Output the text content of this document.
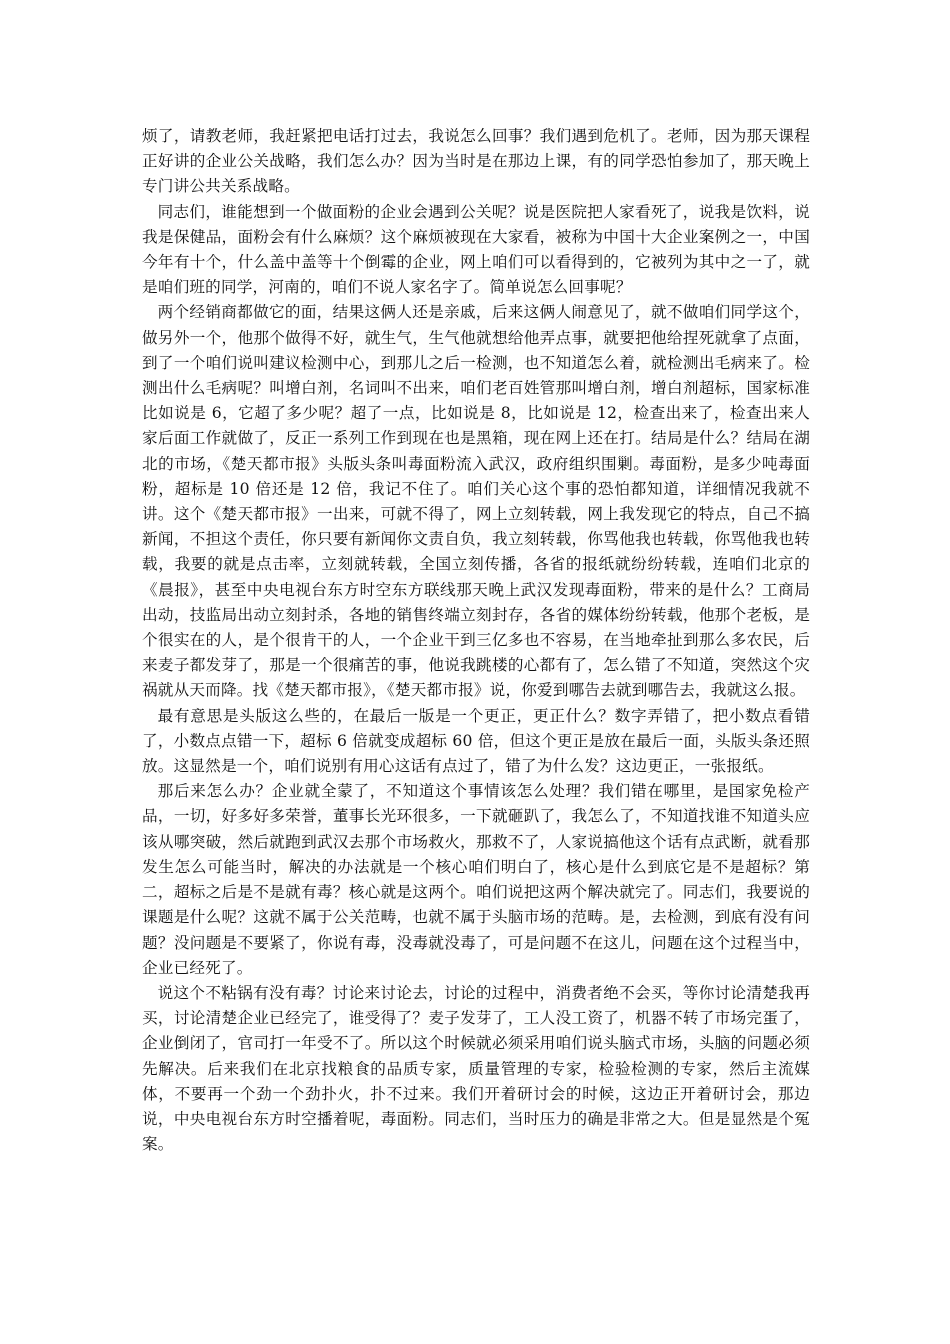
烦了，请教老师，我赶紧把电话打过去，我说怎么回事？我们遇到危机了。老师，因为那天课程正好讲的企业公关战略，我们怎么办？因为当时是在那边上课，有的同学恐怕参加了，那天晚上专门讲公共关系战略。

同志们，谁能想到一个做面粉的企业会遇到公关呢？说是医院把人家看死了，说我是饮料，说我是保健品，面粉会有什么麻烦？这个麻烦被现在大家看，被称为中国十大企业案例之一，中国今年有十个，什么盖中盖等十个倒霉的企业，网上咱们可以看得到的，它被列为其中之一了，就是咱们班的同学，河南的，咱们不说人家名字了。简单说怎么回事呢？

两个经销商都做它的面，结果这俩人还是亲戚，后来这俩人闹意见了，就不做咱们同学这个，做另外一个，他那个做得不好，就生气，生气他就想给他弄点事，就要把他给捏死就拿了点面，到了一个咱们说叫建议检测中心，到那儿之后一检测，也不知道怎么着，就检测出毛病来了。检测出什么毛病呢？叫增白剂，名词叫不出来，咱们老百姓管那叫增白剂，增白剂超标，国家标准比如说是 6，它超了多少呢？超了一点，比如说是 8，比如说是 12，检查出来了，检查出来人家后面工作就做了，反正一系列工作到现在也是黑箱，现在网上还在打。结局是什么？结局在湖北的市场，《楚天都市报》头版头条叫毒面粉流入武汉，政府组织围剿。毒面粉，是多少吨毒面粉，超标是 10 倍还是 12 倍，我记不住了。咱们关心这个事的恐怕都知道，详细情况我就不讲。这个《楚天都市报》一出来，可就不得了，网上立刻转载，网上我发现它的特点，自己不搞新闻，不担这个责任，你只要有新闻你文责自负，我立刻转载，你骂他我也转载，你骂他我也转载，我要的就是点击率，立刻就转载，全国立刻传播，各省的报纸就纷纷转载，连咱们北京的《晨报》，甚至中央电视台东方时空东方联线那天晚上武汉发现毒面粉，带来的是什么？工商局出动，技监局出动立刻封杀，各地的销售终端立刻封存，各省的媒体纷纷转载，他那个老板，是个很实在的人，是个很肯干的人，一个企业干到三亿多也不容易，在当地牵扯到那么多农民，后来麦子都发芽了，那是一个很痛苦的事，他说我跳楼的心都有了，怎么错了不知道，突然这个灾祸就从天而降。找《楚天都市报》，《楚天都市报》说，你爱到哪告去就到哪告去，我就这么报。

最有意思是头版这么些的，在最后一版是一个更正，更正什么？数字弄错了，把小数点看错了，小数点点错一下，超标 6 倍就变成超标 60 倍，但这个更正是放在最后一面，头版头条还照放。这显然是一个，咱们说别有用心这话有点过了，错了为什么发？这边更正，一张报纸。

那后来怎么办？企业就全蒙了，不知道这个事情该怎么处理？我们错在哪里，是国家免检产品，一切，好多好多荣誉，董事长光环很多，一下就砸趴了，我怎么了，不知道找谁不知道头应该从哪突破，然后就跑到武汉去那个市场救火，那救不了，人家说搞他这个话有点武断，就看那发生怎么可能当时，解决的办法就是一个核心咱们明白了，核心是什么到底它是不是超标？第二，超标之后是不是就有毒？核心就是这两个。咱们说把这两个解决就完了。同志们，我要说的课题是什么呢？这就不属于公关范畴，也就不属于头脑市场的范畴。是，去检测，到底有没有问题？没问题是不要紧了，你说有毒，没毒就没毒了，可是问题不在这儿，问题在这个过程当中，企业已经死了。

说这个不粘锅有没有毒？讨论来讨论去，讨论的过程中，消费者绝不会买，等你讨论清楚我再买，讨论清楚企业已经完了，谁受得了？麦子发芽了，工人没工资了，机器不转了市场完蛋了，企业倒闭了，官司打一年受不了。所以这个时候就必须采用咱们说头脑式市场，头脑的问题必须先解决。后来我们在北京找粮食的品质专家，质量管理的专家，检验检测的专家，然后主流媒体，不要再一个劲一个劲扑火，扑不过来。我们开着研讨会的时候，这边正开着研讨会，那边说，中央电视台东方时空播着呢，毒面粉。同志们，当时压力的确是非常之大。但是显然是个冤案。
